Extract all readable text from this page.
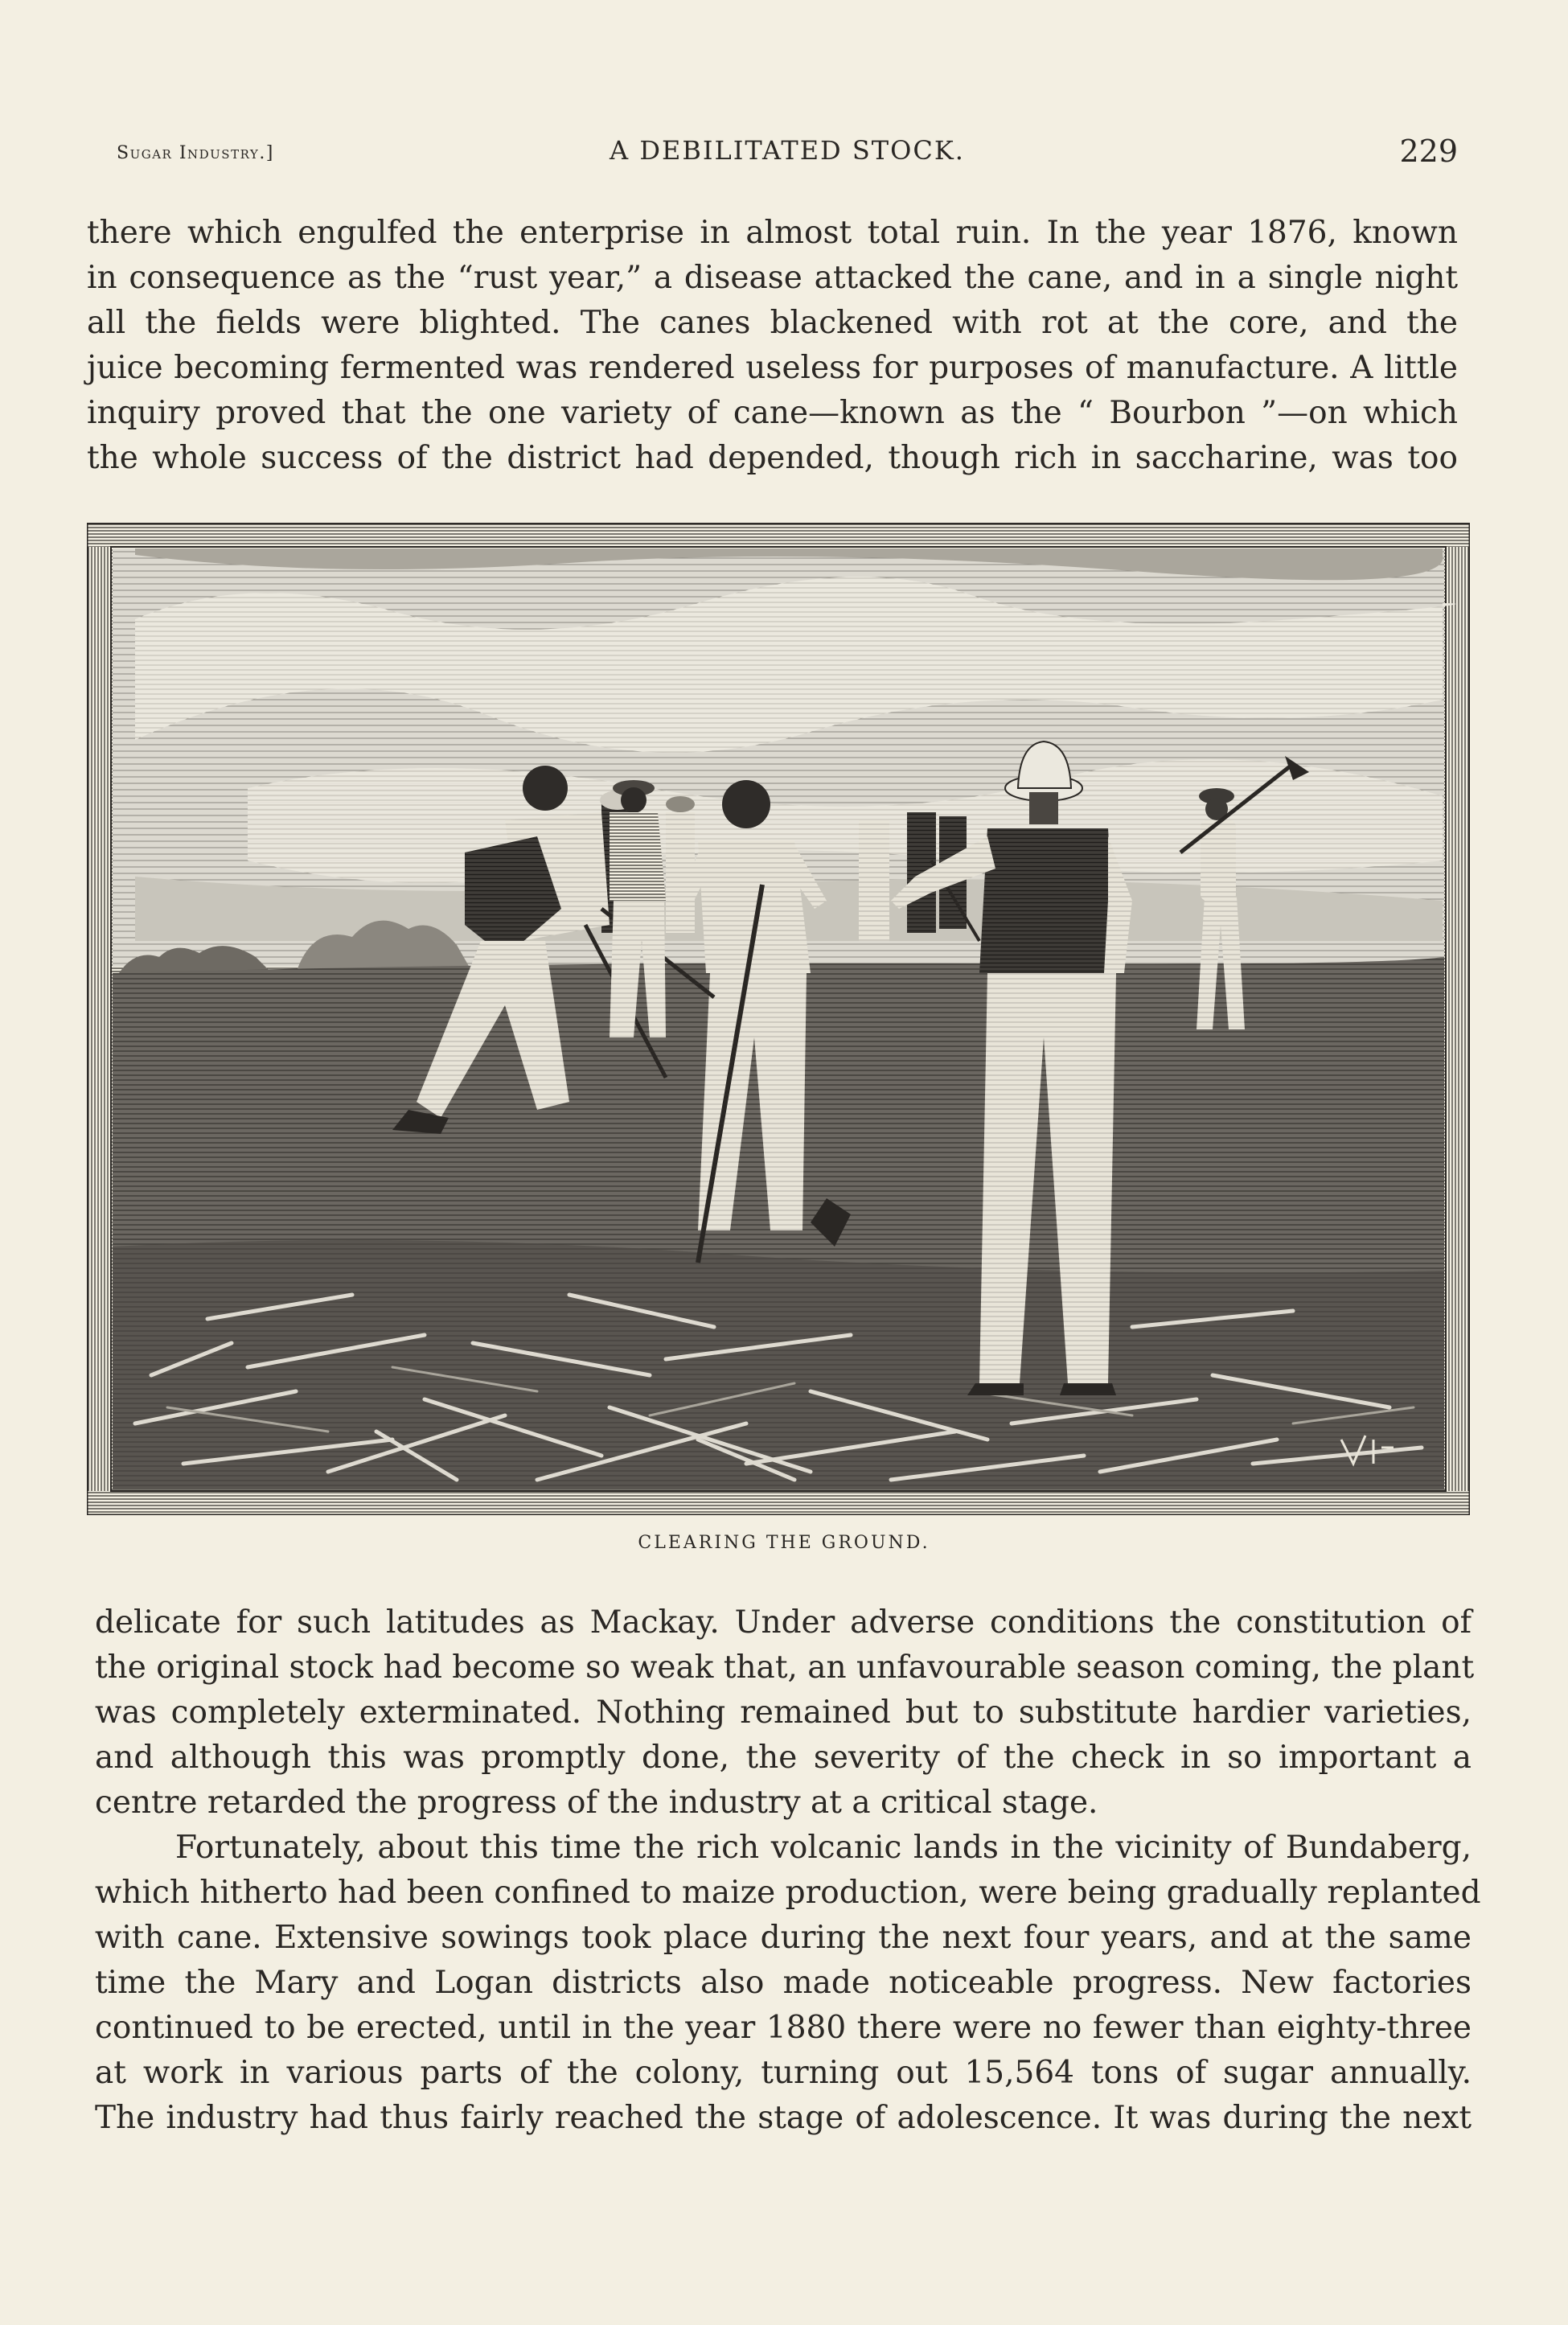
Sugar Industry.]	A DEBILITATED STOCK.	229
there which engulfed the enterprise in almost total ruin. In the year 1876, known
in consequence as the “rust year,” a disease attacked the cane, and in a single night
all the fields were blighted. The canes blackened with rot at the core, and the
juice becoming fermented was rendered useless for purposes of manufacture. A little
inquiry proved that the one variety of cane—known as the “ Bourbon ”—on which
the whole success of the district had depended, though rich in saccharine, was too
CLEARING THE GROUND.
delicate for such latitudes as Mackay. Under adverse conditions the constitution of
the original stock had become so weak that, an unfavourable season coming, the plant
was completely exterminated. Nothing remained but to substitute hardier varieties,
and although this was promptly done, the severity of the check in so important a
centre retarded the progress of the industry at a critical stage.
Fortunately, about this time the rich volcanic lands in the vicinity of Bundaberg,
which hitherto had been confined to maize production, were being gradually replanted
with cane. Extensive sowings took place during the next four years, and at the same
time the Mary and Logan districts also made noticeable progress. New factories
continued to be erected, until in the year 1880 there were no fewer than eighty-three
at work in various parts of the colony, turning out 15,564 tons of sugar annually.
The industry had thus fairly reached the stage of adolescence. It was during the next
